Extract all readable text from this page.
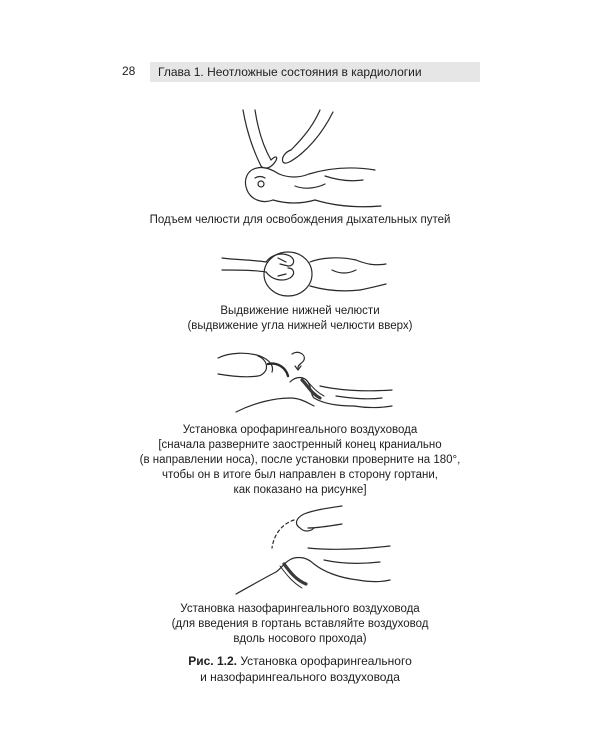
28 Глава 1. Неотложные состояния в кардиологии
Подъем челюсти для освобождения дыхательных путей
Выдвижение нижней челюсти
(выдвижение угла нижней челюсти вверх)
Установка орофарингеального воздуховода
[сначала разверните заостренный конец краниально
(в направлении носа), после установки проверните на 180°,
чтобы он в итоге был направлен в сторону гортани,
как показано на рисунке]
Установка назофарингеального воздуховода
(для введения в гортань вставляйте воздуховод
вдоль носового прохода)
Рис. 1.2. Установка орофарингеального
и назофарингеального воздуховода
